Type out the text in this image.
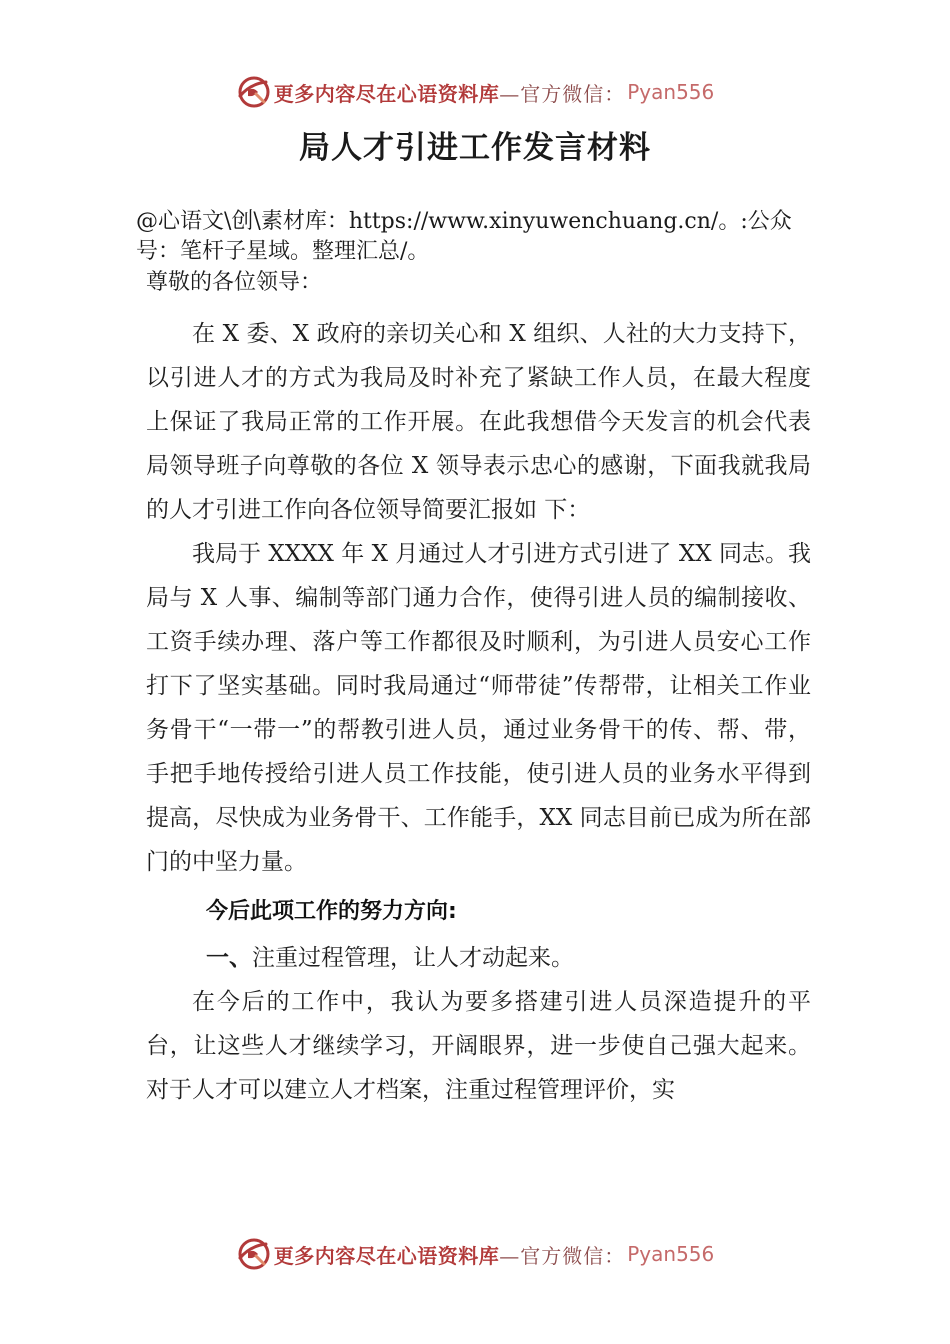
更多内容尽在心语资料库 —官方微信： Pyan556
局人才引进工作发言材料
@心语文\创\素材库：https://www.xinyuwenchuang.cn/。:公众号：笔杆子星域。整理汇总/。
尊敬的各位领导：

在 X 委、X 政府的亲切关心和 X 组织、人社的大力支持下，以引进人才的方式为我局及时补充了紧缺工作人员，在最大程度上保证了我局正常的工作开展。在此我想借今天发言的机会代表局领导班子向尊敬的各位 X 领导表示忠心的感谢，下面我就我局的人才引进工作向各位领导简要汇报如 下：

我局于 XXXX 年 X 月通过人才引进方式引进了 XX 同志。我局与 X 人事、编制等部门通力合作，使得引进人员的编制接收、工资手续办理、落户等工作都很及时顺利，为引进人员安心工作打下了坚实基础。同时我局通过“师带徒”传帮带，让相关工作业务骨干“一带一”的帮教引进人员，通过业务骨干的传、帮、带，手把手地传授给引进人员工作技能，使引进人员的业务水平得到提高，尽快成为业务骨干、工作能手，XX 同志目前已成为所在部门的中坚力量。

今后此项工作的努力方向:

一、注重过程管理，让人才动起来。

在今后的工作中，我认为要多搭建引进人员深造提升的平台，让这些人才继续学习，开阔眼界，进一步使自己强大起来。对于人才可以建立人才档案，注重过程管理评价，实

更多内容尽在心语资料库 —官方微信： Pyan556
